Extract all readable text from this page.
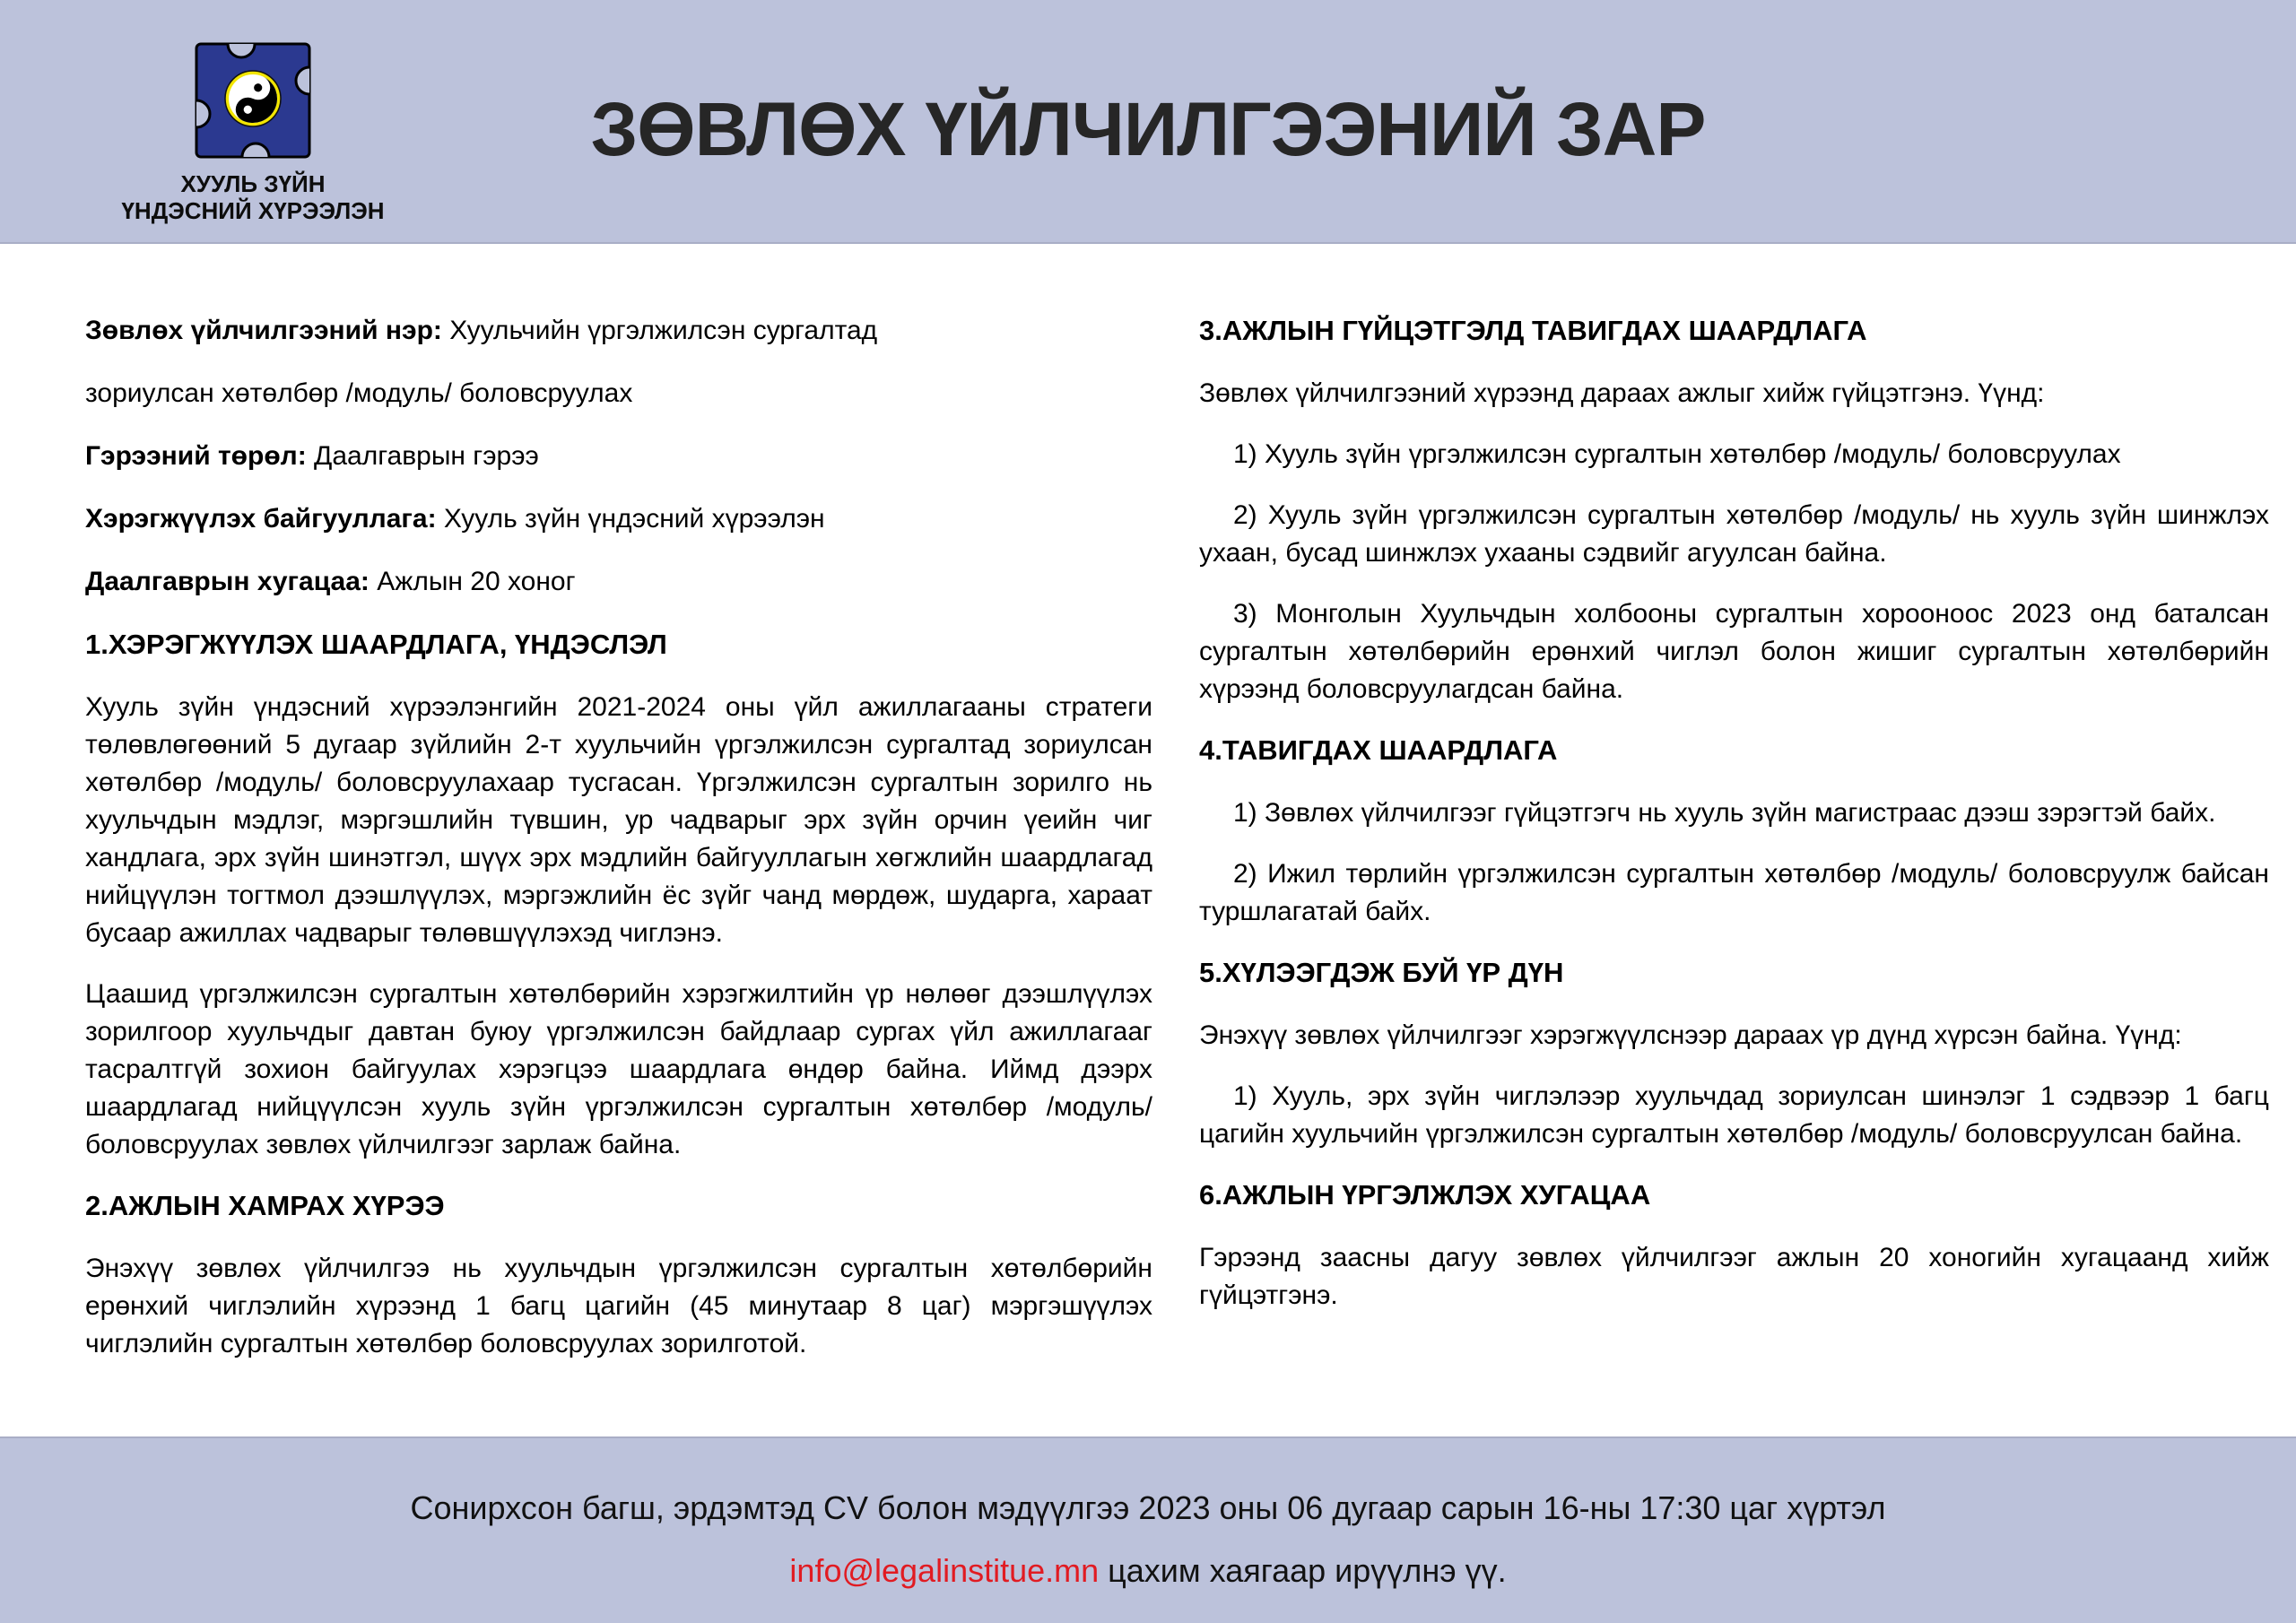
ХУУЛЬ ЗҮЙН
ҮНДЭСНИЙ ХҮРЭЭЛЭН
ЗӨВЛӨХ ҮЙЛЧИЛГЭЭНИЙ ЗАР

Зөвлөх үйлчилгээний нэр: Хуульчийн үргэлжилсэн сургалтад

зориулсан хөтөлбөр /модуль/ боловсруулах

Гэрээний төрөл: Даалгаврын гэрээ

Хэрэгжүүлэх байгууллага: Хууль зүйн үндэсний хүрээлэн

Даалгаврын хугацаа: Ажлын 20 хоног

1.ХЭРЭГЖҮҮЛЭХ ШААРДЛАГА, ҮНДЭСЛЭЛ

Хууль зүйн үндэсний хүрээлэнгийн 2021-2024 оны үйл ажиллагааны стратеги төлөвлөгөөний 5 дугаар зүйлийн 2-т хуульчийн үргэлжилсэн сургалтад зориулсан хөтөлбөр /модуль/ боловсруулахаар тусгасан. Үргэлжилсэн сургалтын зорилго нь хуульчдын мэдлэг, мэргэшлийн түвшин, ур чадварыг эрх зүйн орчин үеийн чиг хандлага, эрх зүйн шинэтгэл, шүүх эрх мэдлийн байгууллагын хөгжлийн шаардлагад нийцүүлэн тогтмол дээшлүүлэх, мэргэжлийн ёс зүйг чанд мөрдөж, шударга, хараат бусаар ажиллах чадварыг төлөвшүүлэхэд чиглэнэ.

Цаашид үргэлжилсэн сургалтын хөтөлбөрийн хэрэгжилтийн үр нөлөөг дээшлүүлэх зорилгоор хуульчдыг давтан буюу үргэлжилсэн байдлаар сургах үйл ажиллагааг тасралтгүй зохион байгуулах хэрэгцээ шаардлага өндөр байна. Иймд дээрх шаардлагад нийцүүлсэн хууль зүйн үргэлжилсэн сургалтын хөтөлбөр /модуль/ боловсруулах зөвлөх үйлчилгээг зарлаж байна.

2.АЖЛЫН ХАМРАХ ХҮРЭЭ

Энэхүү зөвлөх үйлчилгээ нь хуульчдын үргэлжилсэн сургалтын хөтөлбөрийн ерөнхий чиглэлийн хүрээнд 1 багц цагийн (45 минутаар 8 цаг) мэргэшүүлэх чиглэлийн сургалтын хөтөлбөр боловсруулах зорилготой.

3.АЖЛЫН ГҮЙЦЭТГЭЛД ТАВИГДАХ ШААРДЛАГА

Зөвлөх үйлчилгээний хүрээнд дараах ажлыг хийж гүйцэтгэнэ. Үүнд:

1) Хууль зүйн үргэлжилсэн сургалтын хөтөлбөр /модуль/ боловсруулах

2) Хууль зүйн үргэлжилсэн сургалтын хөтөлбөр /модуль/ нь хууль зүйн шинжлэх ухаан, бусад шинжлэх ухааны сэдвийг агуулсан байна.

3) Монголын Хуульчдын холбооны сургалтын хорооноос 2023 онд баталсан сургалтын хөтөлбөрийн ерөнхий чиглэл болон жишиг сургалтын хөтөлбөрийн хүрээнд боловсруулагдсан байна.

4.ТАВИГДАХ ШААРДЛАГА

1) Зөвлөх үйлчилгээг гүйцэтгэгч нь хууль зүйн магистраас дээш зэрэгтэй байх.

2) Ижил төрлийн үргэлжилсэн сургалтын хөтөлбөр /модуль/ боловсруулж байсан туршлагатай байх.

5.ХҮЛЭЭГДЭЖ БУЙ ҮР ДҮН

Энэхүү зөвлөх үйлчилгээг хэрэгжүүлснээр дараах үр дүнд хүрсэн байна. Үүнд:

1) Хууль, эрх зүйн чиглэлээр хуульчдад зориулсан шинэлэг 1 сэдвээр 1 багц цагийн хуульчийн үргэлжилсэн сургалтын хөтөлбөр /модуль/ боловсруулсан байна.

6.АЖЛЫН ҮРГЭЛЖЛЭХ ХУГАЦАА

Гэрээнд заасны дагуу зөвлөх үйлчилгээг ажлын 20 хоногийн хугацаанд хийж гүйцэтгэнэ.

Сонирхсон багш, эрдэмтэд CV болон мэдүүлгээ 2023 оны 06 дугаар сарын 16-ны 17:30 цаг хүртэл
info@legalinstitue.mn цахим хаягаар ирүүлнэ үү.
